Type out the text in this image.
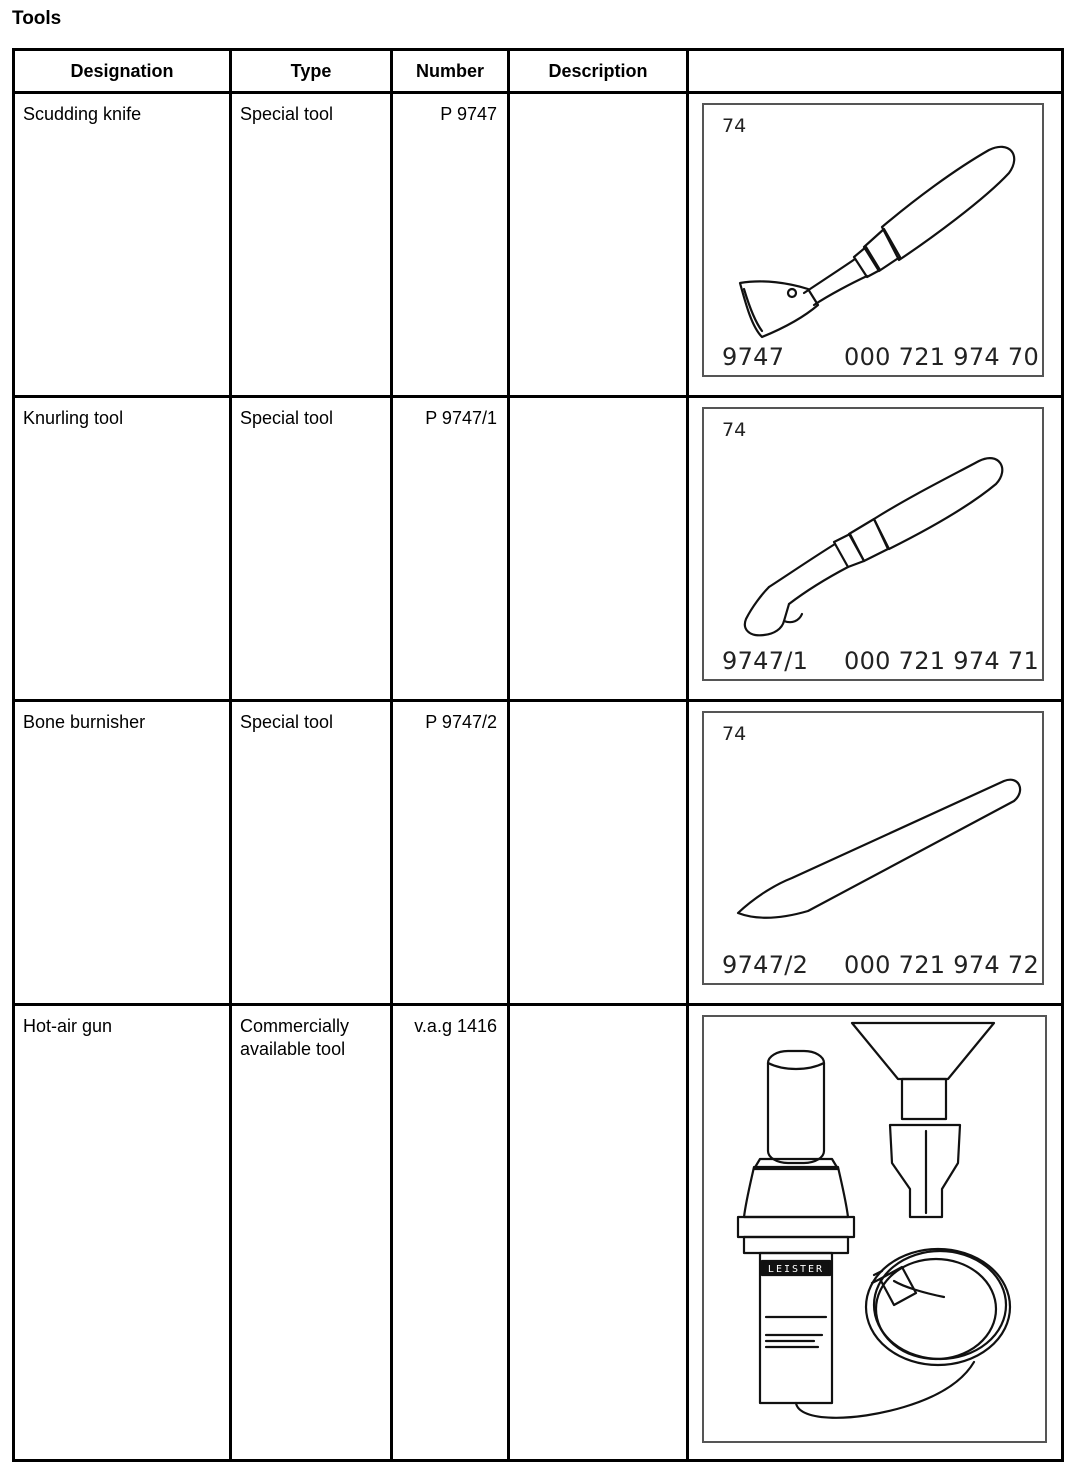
Tools
Designation	Type	Number	Description	
Scudding knife	Special tool	P 9747		74
9747 000 721 974 70

Knurling tool	Special tool	P 9747/1		74
9747/1 000 721 974 71

Bone burnisher	Special tool	P 9747/2		74
9747/2 000 721 974 72

Hot-air gun	Commercially available tool	v.a.g 1416		LEISTER
